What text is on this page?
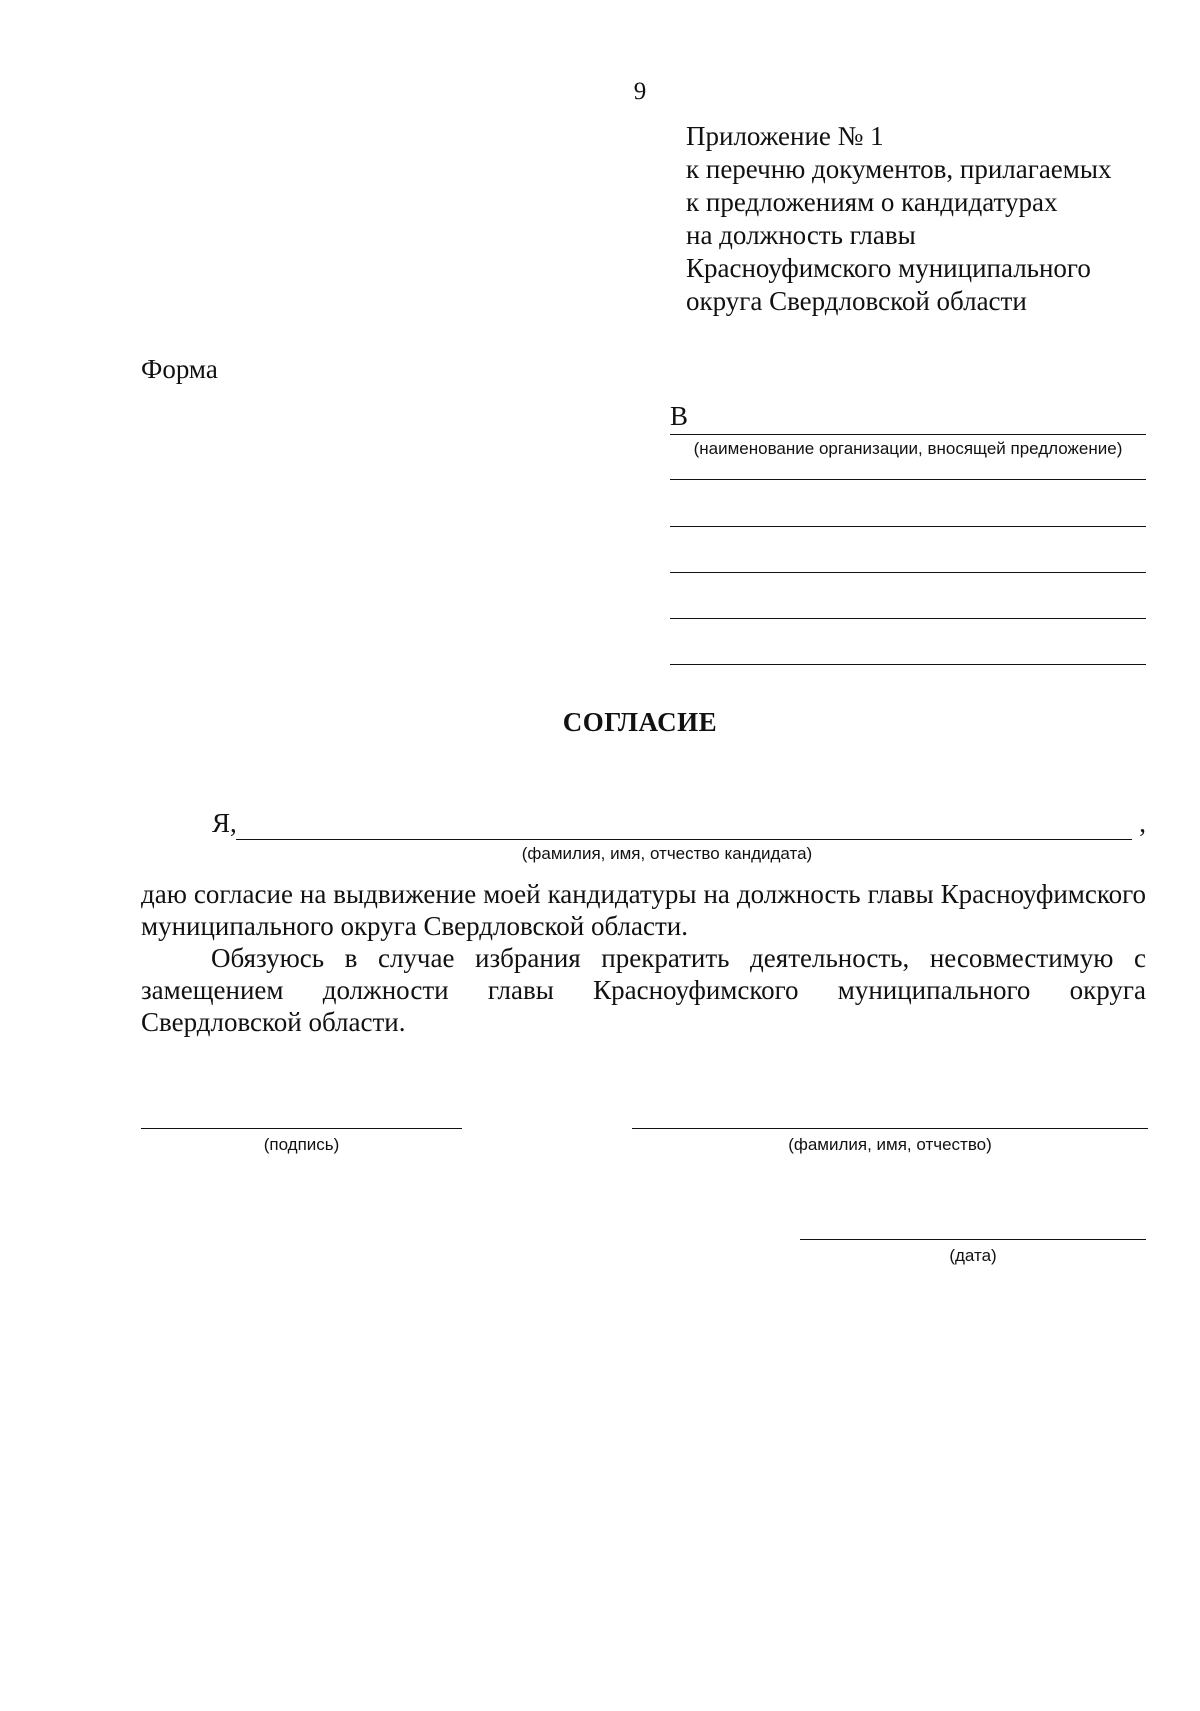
9
Приложение № 1
к перечню документов, прилагаемых
к предложениям о кандидатурах
на должность главы
Красноуфимского муниципального
округа Свердловской области
Форма
В
(наименование организации, вносящей предложение)
СОГЛАСИЕ
Я,	,
(фамилия, имя, отчество кандидата)

даю согласие на выдвижение моей кандидатуры на должность главы Красноуфимского муниципального округа Свердловской области.

Обязуюсь в случае избрания прекратить деятельность, несовместимую с замещением должности главы Красноуфимского муниципального округа Свердловской области.

(подпись)	(фамилия, имя, отчество)
(дата)
